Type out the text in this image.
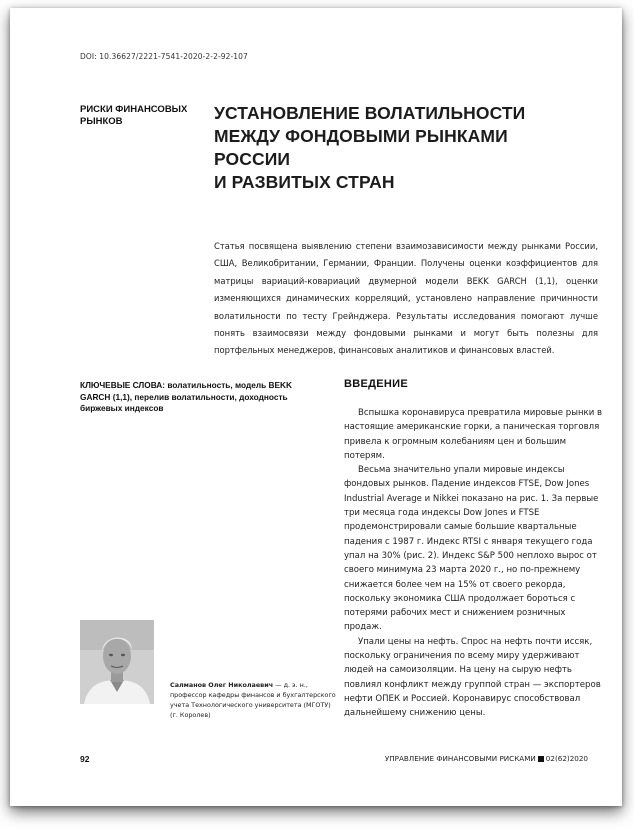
DOI: 10.36627/2221-7541-2020-2-2-92-107
РИСКИ ФИНАНСОВЫХ РЫНКОВ	УСТАНОВЛЕНИЕ ВОЛАТИЛЬНОСТИ
МЕЖДУ ФОНДОВЫМИ РЫНКАМИ РОССИИ
И РАЗВИТЫХ СТРАН
Статья посвящена выявлению степени взаимозависимости между рынками России, США, Великобритании, Германии, Франции. Получены оценки коэффициентов для матрицы вариаций-ковариаций двумерной модели BEKK GARCH (1,1), оценки изменяющихся динамических корреляций, установлено направление причинности волатильности по тесту Грейнджера. Результаты исследования помогают лучше понять взаимосвязи между фондовыми рынками и могут быть полезны для портфельных менеджеров, финансовых аналитиков и финансовых властей.
КЛЮЧЕВЫЕ СЛОВА: волатильность, модель BEKK GARCH (1,1), перелив волатильности, доходность биржевых индексов
ВВЕДЕНИЕ

Вспышка коронавируса превратила мировые рынки в настоящие американские горки, а паническая торговля привела к огромным колебаниям цен и большим потерям.

Весьма значительно упали мировые индексы фондовых рынков. Падение индексов FTSE, Dow Jones Industrial Average и Nikkei показано на рис. 1. За первые три месяца года индексы Dow Jones и FTSE продемонстрировали самые большие квартальные падения с 1987 г. Индекс RTSI с января текущего года упал на 30% (рис. 2). Индекс S&P 500 неплохо вырос от своего минимума 23 марта 2020 г., но по-прежнему снижается более чем на 15% от своего рекорда, поскольку экономика США продолжает бороться с потерями рабочих мест и снижением розничных продаж.

Упали цены на нефть. Спрос на нефть почти иссяк, поскольку ограничения по всему миру удерживают людей на самоизоляции. На цену на сырую нефть повлиял конфликт между группой стран — экспортеров нефти ОПЕК и Россией. Коронавирус способствовал дальнейшему снижению цены.

Салманов Олег Николаевич — д. э. н., профессор кафедры финансов и бухгалтерского учета Технологического университета (МГОТУ) (г. Королев)
92	УПРАВЛЕНИЕ ФИНАНСОВЫМИ РИСКАМИ 02(62)2020
